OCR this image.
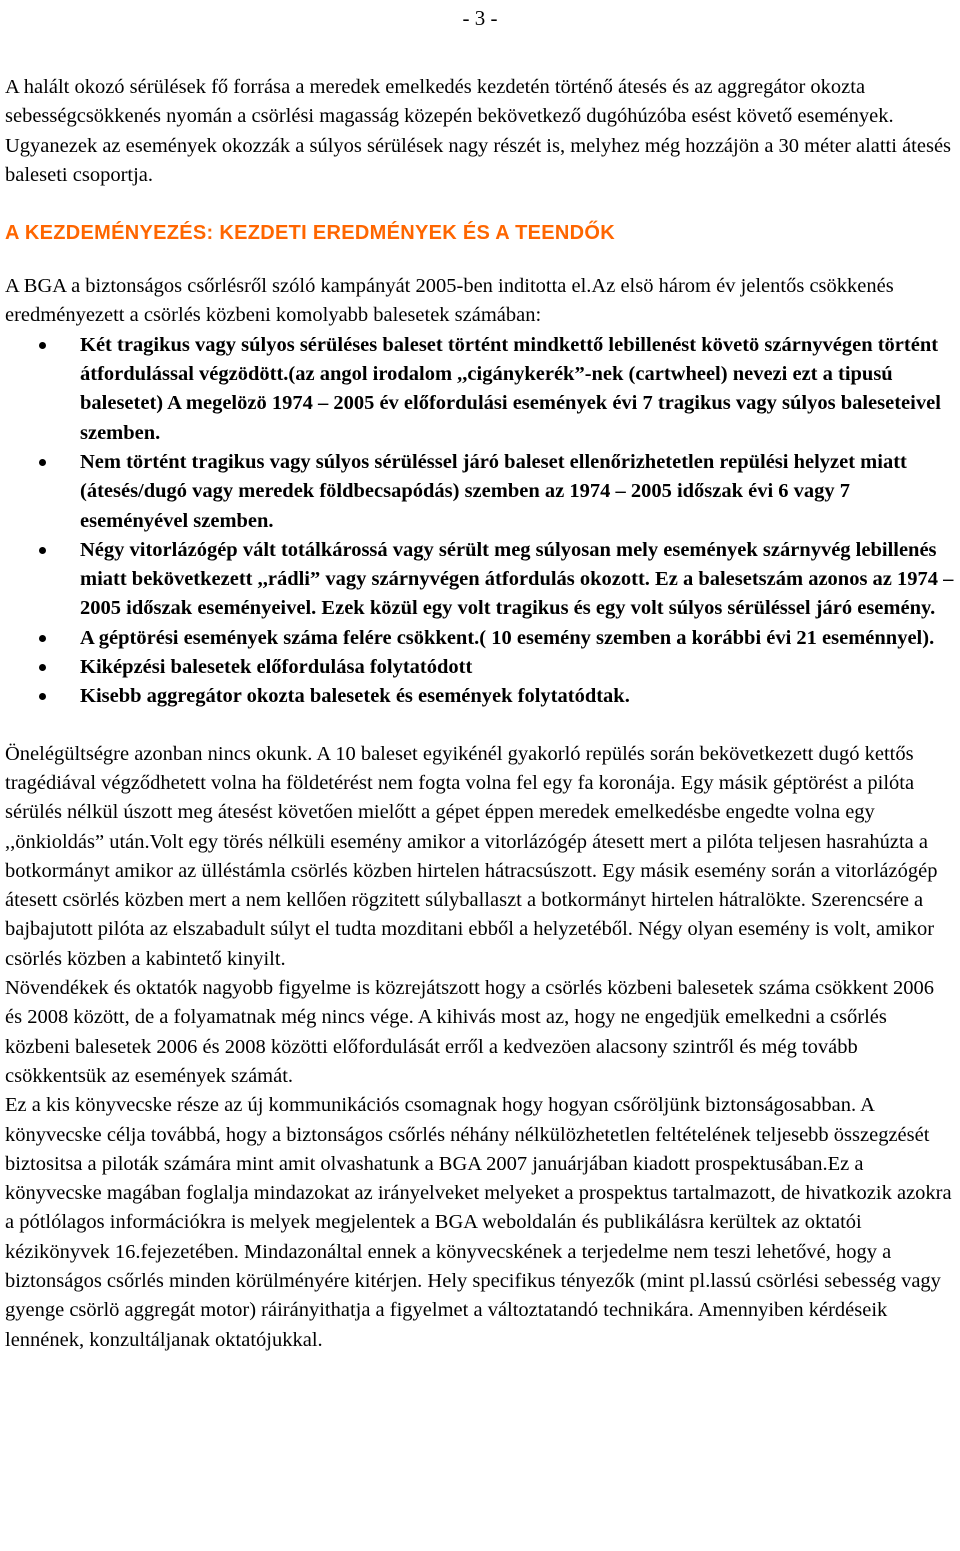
- 3 -

A halált okozó sérülések fő forrása a meredek emelkedés kezdetén történő átesés és az aggregátor okozta sebességcsökkenés nyomán a csörlési magasság közepén bekövetkező dugóhúzóba esést követő események. Ugyanezek az események okozzák a súlyos sérülések nagy részét is, melyhez még hozzájön a 30 méter alatti átesés baleseti csoportja.

A KEZDEMÉNYEZÉS: KEZDETI EREDMÉNYEK ÉS A TEENDŐK

A BGA a biztonságos csőrlésről szóló kampányát 2005-ben inditotta el.Az elsö három év jelentős csökkenés eredményezett a csörlés közbeni komolyabb balesetek számában:

Két tragikus vagy súlyos sérüléses baleset történt mindkettő lebillenést követö szárnyvégen történt átfordulással végzödött.(az angol irodalom ,,cigánykerék”-nek (cartwheel) nevezi ezt a tipusú balesetet) A megelözö 1974 – 2005 év előfordulási események évi 7 tragikus vagy súlyos baleseteivel szemben.
Nem történt tragikus vagy súlyos sérüléssel járó baleset ellenőrizhetetlen repülési helyzet miatt (átesés/dugó vagy meredek földbecsapódás) szemben az 1974 – 2005 időszak évi 6 vagy 7 eseményével szemben.
Négy vitorlázógép vált totálkárossá vagy sérült meg súlyosan mely események szárnyvég lebillenés miatt bekövetkezett ,,rádli” vagy szárnyvégen átfordulás okozott. Ez a balesetszám azonos az 1974 – 2005 időszak eseményeivel. Ezek közül egy volt tragikus és egy volt súlyos sérüléssel járó esemény.
A géptörési események száma felére csökkent.( 10 esemény szemben a korábbi évi 21 eseménnyel).
Kiképzési balesetek előfordulása folytatódott
Kisebb aggregátor okozta balesetek és események folytatódtak.

Önelégültségre azonban nincs okunk. A 10 baleset egyikénél gyakorló repülés során bekövetkezett dugó kettős tragédiával végződhetett volna ha földetérést nem fogta volna fel egy fa koronája. Egy másik géptörést a pilóta sérülés nélkül úszott meg átesést követően mielőtt a gépet éppen meredek emelkedésbe engedte volna egy ,,önkioldás” után.Volt egy törés nélküli esemény amikor a vitorlázógép átesett mert a pilóta teljesen hasrahúzta a botkormányt amikor az ülléstámla csörlés közben hirtelen hátracsúszott. Egy másik esemény során a vitorlázógép átesett csörlés közben mert a nem kellően rögzitett súlyballaszt a botkormányt hirtelen hátralökte. Szerencsére a bajbajutott pilóta az elszabadult súlyt el tudta mozditani ebből a helyzetéből. Négy olyan esemény is volt, amikor csörlés közben a kabintető kinyilt.

Növendékek és oktatók nagyobb figyelme is közrejátszott hogy a csörlés közbeni balesetek száma csökkent 2006 és 2008 között, de a folyamatnak még nincs vége. A kihivás most az, hogy ne engedjük emelkedni a csőrlés közbeni balesetek 2006 és 2008 közötti előfordulását erről a kedvezöen alacsony szintről és még tovább csökkentsük az események számát.

Ez a kis könyvecske része az új kommunikációs csomagnak hogy hogyan csőröljünk biztonságosabban. A könyvecske célja továbbá, hogy a biztonságos csőrlés néhány nélkülözhetetlen feltételének teljesebb összegzését biztositsa a piloták számára mint amit olvashatunk a BGA 2007 januárjában kiadott prospektusában.Ez a könyvecske magában foglalja mindazokat az irányelveket melyeket a prospektus tartalmazott, de hivatkozik azokra a pótlólagos információkra is melyek megjelentek a BGA weboldalán és publikálásra kerültek az oktatói kézikönyvek 16.fejezetében. Mindazonáltal ennek a könyvecskének a terjedelme nem teszi lehetővé, hogy a biztonságos csőrlés minden körülményére kitérjen. Hely specifikus tényezők (mint pl.lassú csörlési sebesség vagy gyenge csörlö aggregát motor) ráirányithatja a figyelmet a változtatandó technikára. Amennyiben kérdéseik lennének, konzultáljanak oktatójukkal.
